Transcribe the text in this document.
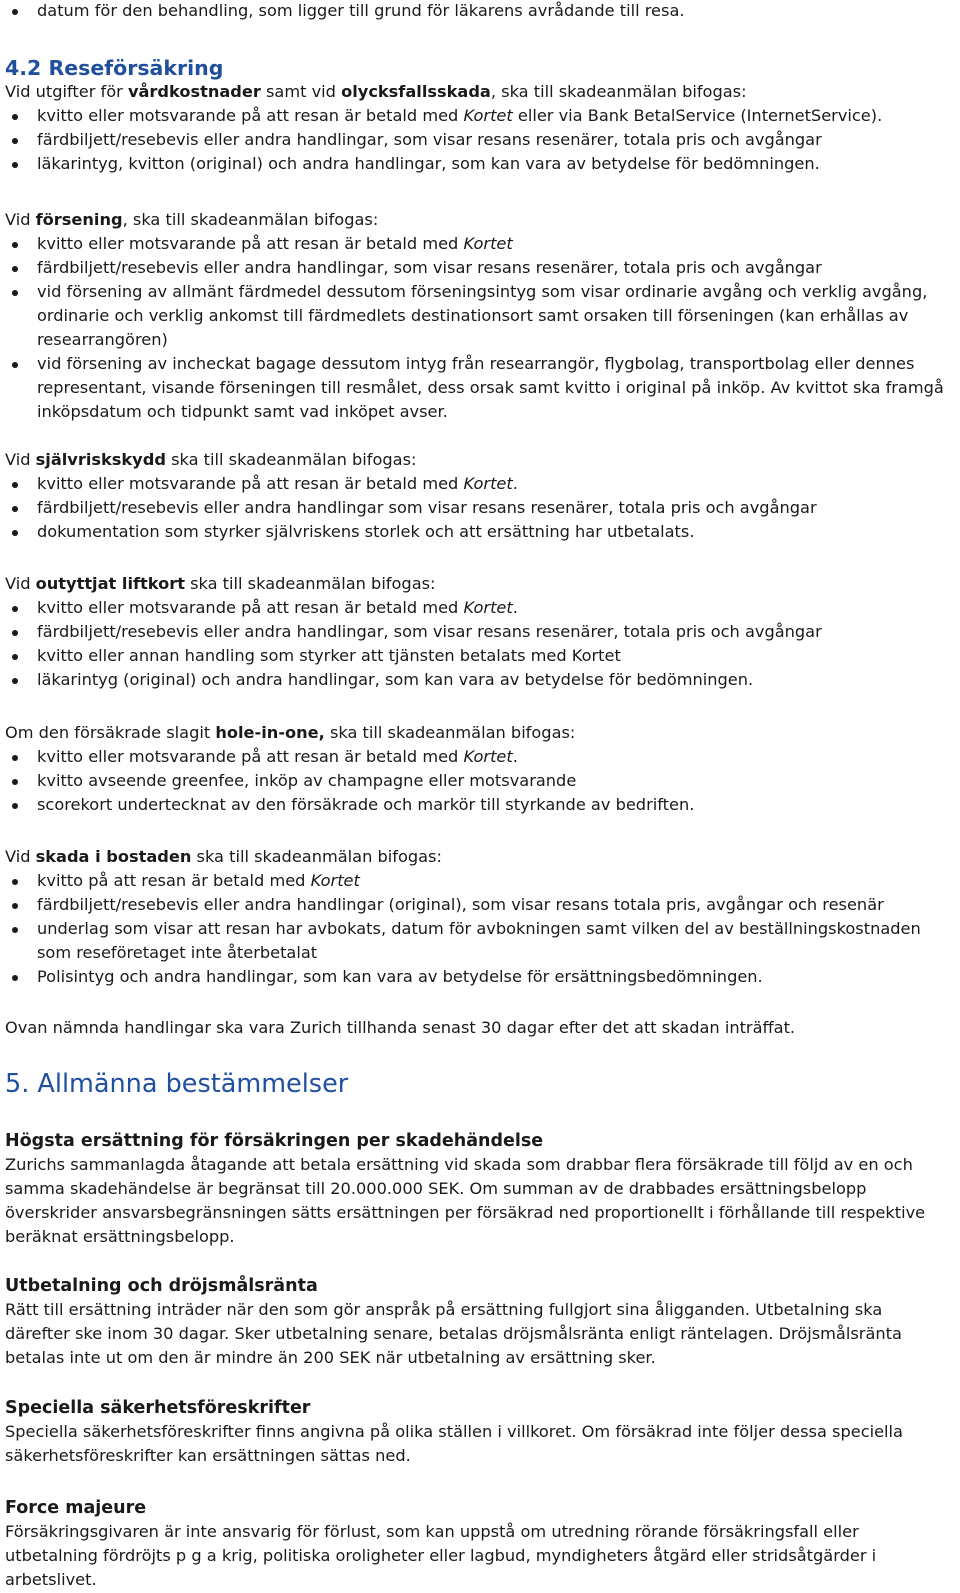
datum för den behandling, som ligger till grund för läkarens avrådande till resa.
4.2 Reseförsäkring

Vid utgifter för vårdkostnader samt vid olycksfallsskada, ska till skadeanmälan bifogas:

kvitto eller motsvarande på att resan är betald med Kortet eller via Bank BetalService (InternetService).
färdbiljett/resebevis eller andra handlingar, som visar resans resenärer, totala pris och avgångar
läkarintyg, kvitton (original) och andra handlingar, som kan vara av betydelse för bedömningen.

Vid försening, ska till skadeanmälan bifogas:

kvitto eller motsvarande på att resan är betald med Kortet
färdbiljett/resebevis eller andra handlingar, som visar resans resenärer, totala pris och avgångar
vid försening av allmänt färdmedel dessutom förseningsintyg som visar ordinarie avgång och verklig avgång, ordinarie och verklig ankomst till färdmedlets destinationsort samt orsaken till förseningen (kan erhållas av researrangören)
vid försening av incheckat bagage dessutom intyg från researrangör, flygbolag, transportbolag eller dennes representant, visande förseningen till resmålet, dess orsak samt kvitto i original på inköp. Av kvittot ska framgå inköpsdatum och tidpunkt samt vad inköpet avser.

Vid självriskskydd ska till skadeanmälan bifogas:

kvitto eller motsvarande på att resan är betald med Kortet.
färdbiljett/resebevis eller andra handlingar som visar resans resenärer, totala pris och avgångar
dokumentation som styrker självriskens storlek och att ersättning har utbetalats.

Vid outyttjat liftkort ska till skadeanmälan bifogas:

kvitto eller motsvarande på att resan är betald med Kortet.
färdbiljett/resebevis eller andra handlingar, som visar resans resenärer, totala pris och avgångar
kvitto eller annan handling som styrker att tjänsten betalats med Kortet
läkarintyg (original) och andra handlingar, som kan vara av betydelse för bedömningen.

Om den försäkrade slagit hole-in-one, ska till skadeanmälan bifogas:

kvitto eller motsvarande på att resan är betald med Kortet.
kvitto avseende greenfee, inköp av champagne eller motsvarande
scorekort undertecknat av den försäkrade och markör till styrkande av bedriften.

Vid skada i bostaden ska till skadeanmälan bifogas:

kvitto på att resan är betald med Kortet
färdbiljett/resebevis eller andra handlingar (original), som visar resans totala pris, avgångar och resenär
underlag som visar att resan har avbokats, datum för avbokningen samt vilken del av beställningskostnaden som reseföretaget inte återbetalat
Polisintyg och andra handlingar, som kan vara av betydelse för ersättningsbedömningen.

Ovan nämnda handlingar ska vara Zurich tillhanda senast 30 dagar efter det att skadan inträffat.

5. Allmänna bestämmelser
Högsta ersättning för försäkringen per skadehändelse

Zurichs sammanlagda åtagande att betala ersättning vid skada som drabbar flera försäkrade till följd av en och samma skadehändelse är begränsat till 20.000.000 SEK. Om summan av de drabbades ersättningsbelopp överskrider ansvarsbegränsningen sätts ersättningen per försäkrad ned proportionellt i förhållande till respektive beräknat ersättningsbelopp.

Utbetalning och dröjsmålsränta

Rätt till ersättning inträder när den som gör anspråk på ersättning fullgjort sina åligganden. Utbetalning ska därefter ske inom 30 dagar. Sker utbetalning senare, betalas dröjsmålsränta enligt räntelagen. Dröjsmålsränta betalas inte ut om den är mindre än 200 SEK när utbetalning av ersättning sker.

Speciella säkerhetsföreskrifter

Speciella säkerhetsföreskrifter finns angivna på olika ställen i villkoret. Om försäkrad inte följer dessa speciella säkerhetsföreskrifter kan ersättningen sättas ned.

Force majeure

Försäkringsgivaren är inte ansvarig för förlust, som kan uppstå om utredning rörande försäkringsfall eller utbetalning fördröjts p g a krig, politiska oroligheter eller lagbud, myndigheters åtgärd eller stridsåtgärder i arbetslivet.
